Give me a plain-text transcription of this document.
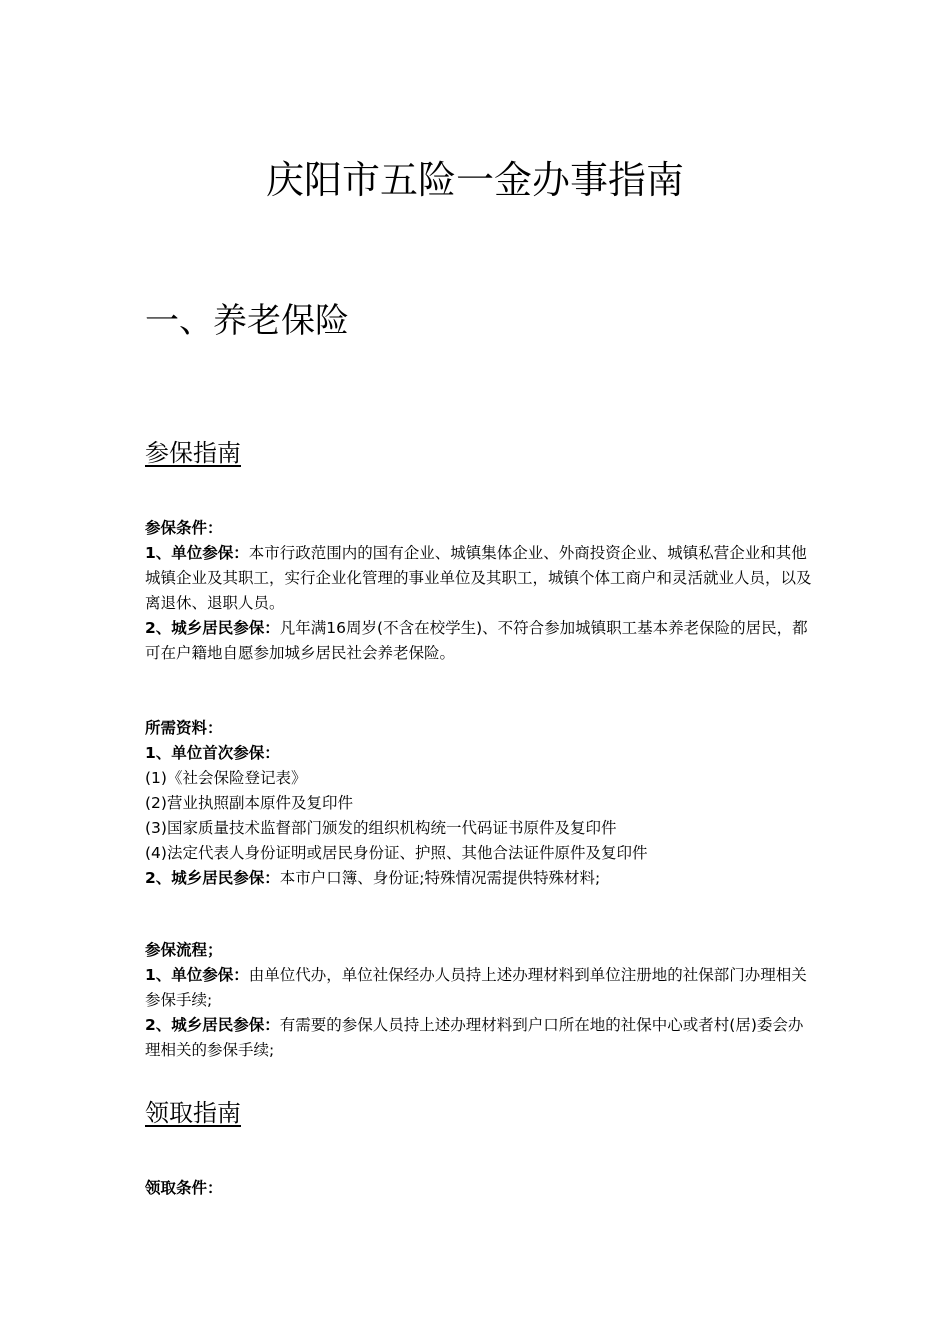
庆阳市五险一金办事指南
一、养老保险
参保指南

参保条件：

1、单位参保：本市行政范围内的国有企业、城镇集体企业、外商投资企业、城镇私营企业和其他城镇企业及其职工，实行企业化管理的事业单位及其职工，城镇个体工商户和灵活就业人员，以及离退休、退职人员。

2、城乡居民参保：凡年满16周岁(不含在校学生)、不符合参加城镇职工基本养老保险的居民，都可在户籍地自愿参加城乡居民社会养老保险。

所需资料：

1、单位首次参保：

(1)《社会保险登记表》

(2)营业执照副本原件及复印件

(3)国家质量技术监督部门颁发的组织机构统一代码证书原件及复印件

(4)法定代表人身份证明或居民身份证、护照、其他合法证件原件及复印件

2、城乡居民参保：本市户口簿、身份证;特殊情况需提供特殊材料;

参保流程；

1、单位参保：由单位代办，单位社保经办人员持上述办理材料到单位注册地的社保部门办理相关参保手续;

2、城乡居民参保：有需要的参保人员持上述办理材料到户口所在地的社保中心或者村(居)委会办理相关的参保手续;

领取指南

领取条件：
